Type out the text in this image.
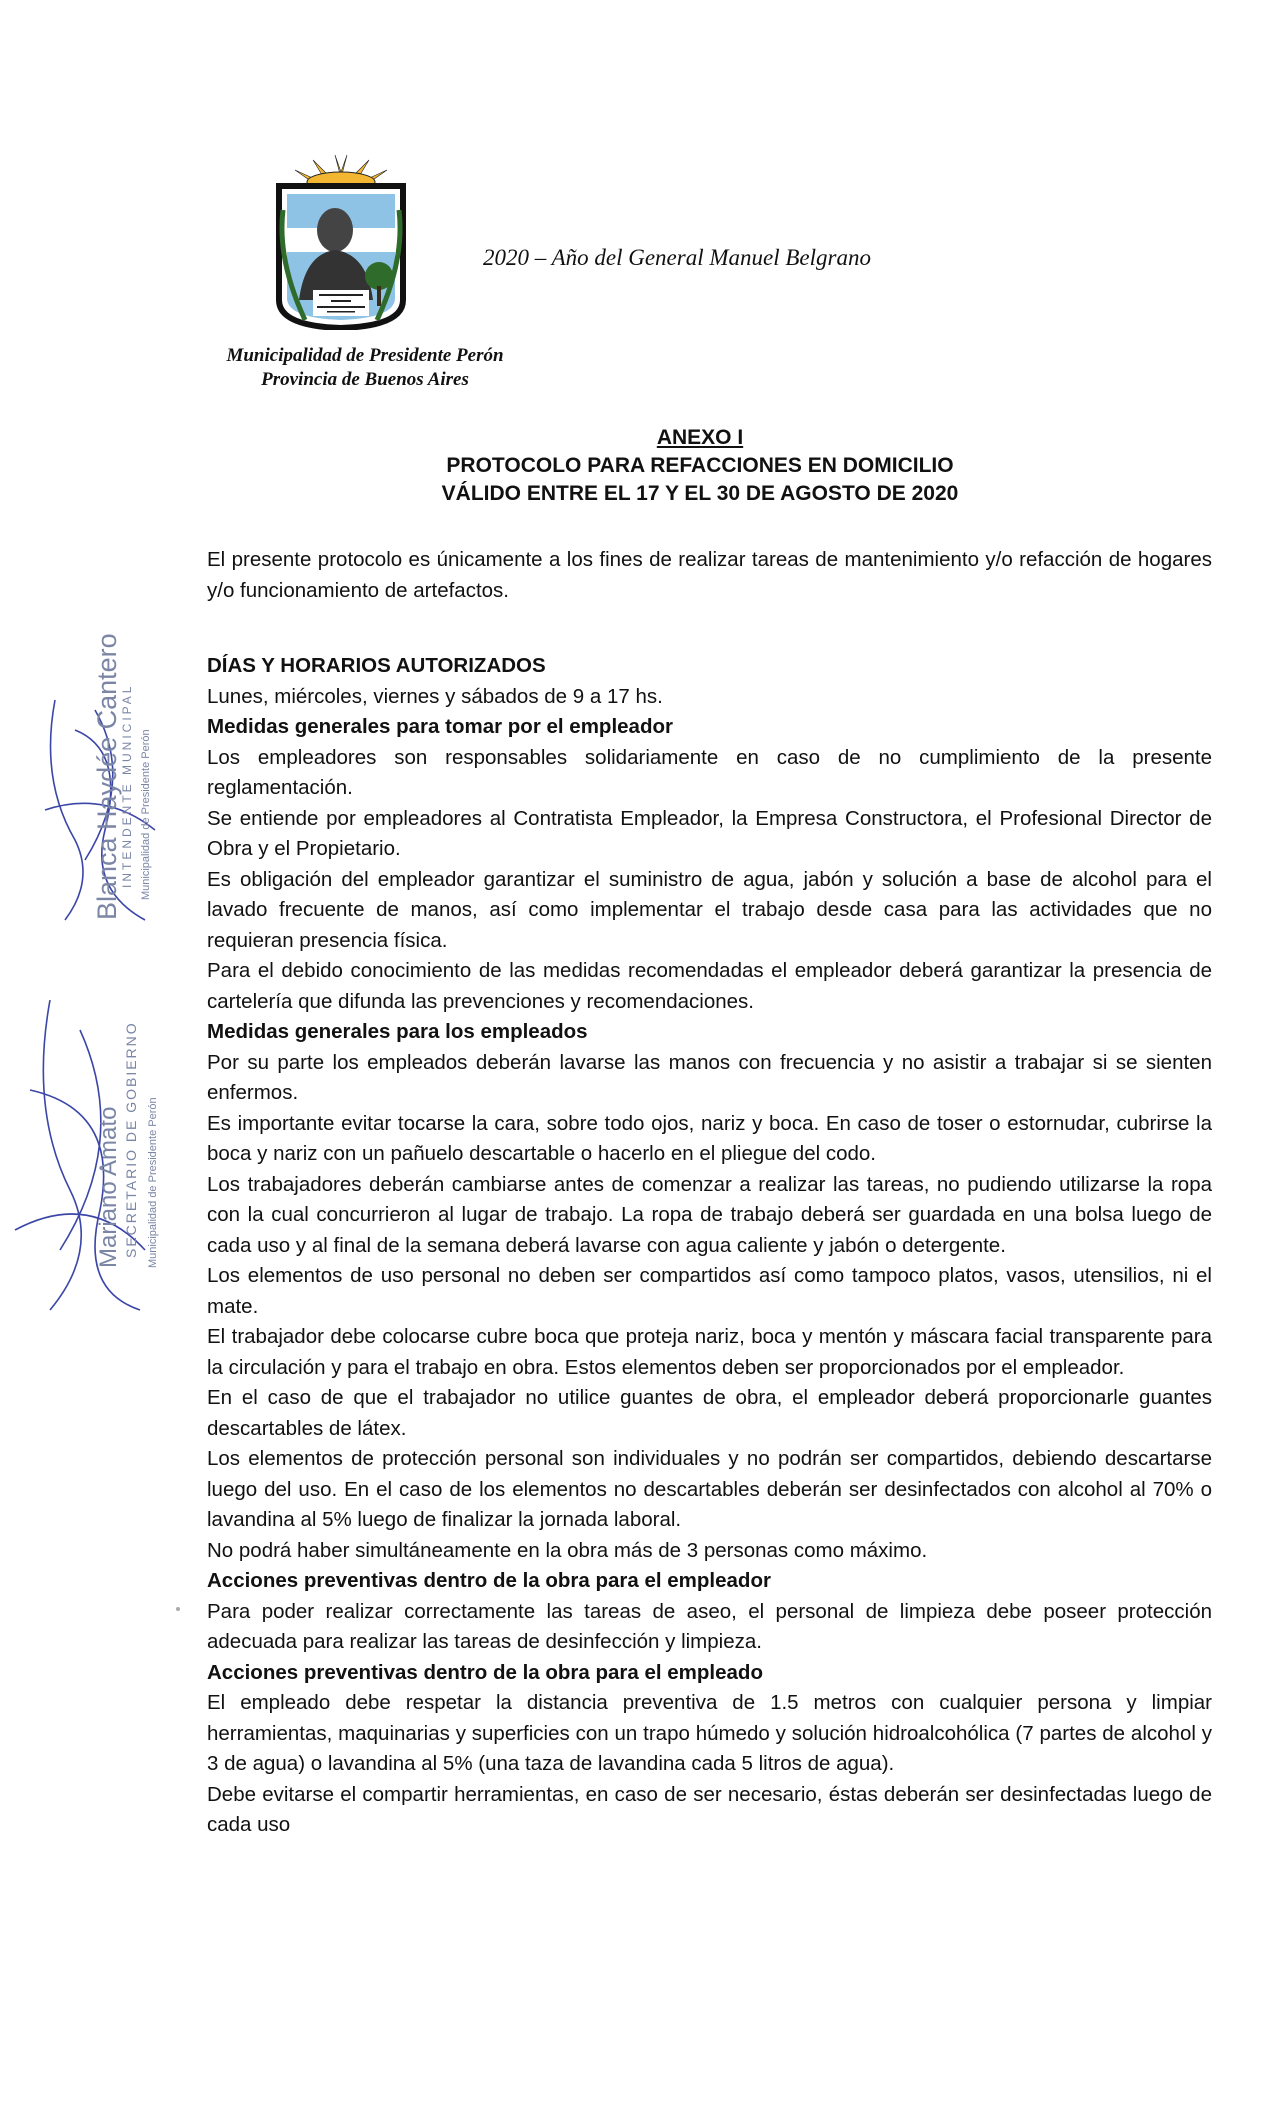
2020 – Año del General Manuel Belgrano
Municipalidad de Presidente Perón
Provincia de Buenos Aires
ANEXO I
PROTOCOLO PARA REFACCIONES EN DOMICILIO
VÁLIDO ENTRE EL 17 Y EL 30 DE AGOSTO DE 2020

El presente protocolo es únicamente a los fines de realizar tareas de mantenimiento y/o refacción de hogares y/o funcionamiento de artefactos.

DÍAS Y HORARIOS AUTORIZADOS

Lunes, miércoles, viernes y sábados de 9 a 17 hs.

Medidas generales para tomar por el empleador

Los empleadores son responsables solidariamente en caso de no cumplimiento de la presente reglamentación.

Se entiende por empleadores al Contratista Empleador, la Empresa Constructora, el Profesional Director de Obra y el Propietario.

Es obligación del empleador garantizar el suministro de agua, jabón y solución a base de alcohol para el lavado frecuente de manos, así como implementar el trabajo desde casa para las actividades que no requieran presencia física.

Para el debido conocimiento de las medidas recomendadas el empleador deberá garantizar la presencia de cartelería que difunda las prevenciones y recomendaciones.

Medidas generales para los empleados

Por su parte los empleados deberán lavarse las manos con frecuencia y no asistir a trabajar si se sienten enfermos.

Es importante evitar tocarse la cara, sobre todo ojos, nariz y boca. En caso de toser o estornudar, cubrirse la boca y nariz con un pañuelo descartable o hacerlo en el pliegue del codo.

Los trabajadores deberán cambiarse antes de comenzar a realizar las tareas, no pudiendo utilizarse la ropa con la cual concurrieron al lugar de trabajo. La ropa de trabajo deberá ser guardada en una bolsa luego de cada uso y al final de la semana deberá lavarse con agua caliente y jabón o detergente.

Los elementos de uso personal no deben ser compartidos así como tampoco platos, vasos, utensilios, ni el mate.

El trabajador debe colocarse cubre boca que proteja nariz, boca y mentón y máscara facial transparente para la circulación y para el trabajo en obra. Estos elementos deben ser proporcionados por el empleador.

En el caso de que el trabajador no utilice guantes de obra, el empleador deberá proporcionarle guantes descartables de látex.

Los elementos de protección personal son individuales y no podrán ser compartidos, debiendo descartarse luego del uso. En el caso de los elementos no descartables deberán ser desinfectados con alcohol al 70% o lavandina al 5% luego de finalizar la jornada laboral.

No podrá haber simultáneamente en la obra más de 3 personas como máximo.

Acciones preventivas dentro de la obra para el empleador

Para poder realizar correctamente las tareas de aseo, el personal de limpieza debe poseer protección adecuada para realizar las tareas de desinfección y limpieza.

Acciones preventivas dentro de la obra para el empleado

El empleado debe respetar la distancia preventiva de 1.5 metros con cualquier persona y limpiar herramientas, maquinarias y superficies con un trapo húmedo y solución hidroalcohólica (7 partes de alcohol y 3 de agua) o lavandina al 5% (una taza de lavandina cada 5 litros de agua).

Debe evitarse el compartir herramientas, en caso de ser necesario, éstas deberán ser desinfectadas luego de cada uso

Blanca Haydée Cantero
INTENDENTE MUNICIPAL Municipalidad de Presidente Perón
Mariano Amato SECRETARIO DE GOBIERNO Municipalidad de Presidente Perón
